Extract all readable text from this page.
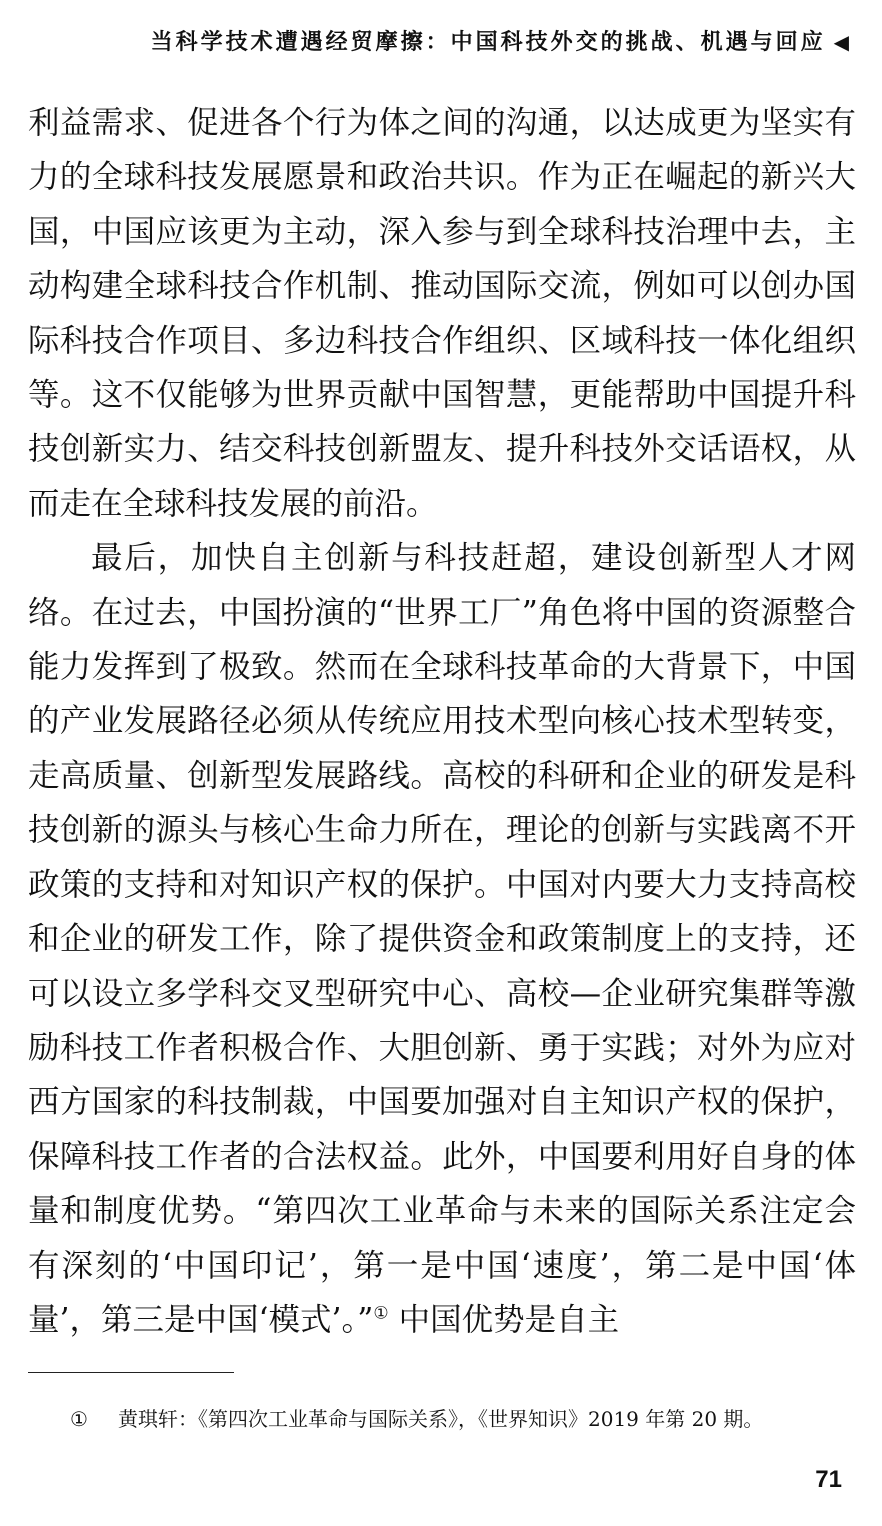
当科学技术遭遇经贸摩擦：中国科技外交的挑战、机遇与回应 ◀

利益需求、促进各个行为体之间的沟通，以达成更为坚实有力的全球科技发展愿景和政治共识。作为正在崛起的新兴大国，中国应该更为主动，深入参与到全球科技治理中去，主动构建全球科技合作机制、推动国际交流，例如可以创办国际科技合作项目、多边科技合作组织、区域科技一体化组织等。这不仅能够为世界贡献中国智慧，更能帮助中国提升科技创新实力、结交科技创新盟友、提升科技外交话语权，从而走在全球科技发展的前沿。

最后，加快自主创新与科技赶超，建设创新型人才网络。在过去，中国扮演的“世界工厂”角色将中国的资源整合能力发挥到了极致。然而在全球科技革命的大背景下，中国的产业发展路径必须从传统应用技术型向核心技术型转变，走高质量、创新型发展路线。高校的科研和企业的研发是科技创新的源头与核心生命力所在，理论的创新与实践离不开政策的支持和对知识产权的保护。中国对内要大力支持高校和企业的研发工作，除了提供资金和政策制度上的支持，还可以设立多学科交叉型研究中心、高校—企业研究集群等激励科技工作者积极合作、大胆创新、勇于实践；对外为应对西方国家的科技制裁，中国要加强对自主知识产权的保护，保障科技工作者的合法权益。此外，中国要利用好自身的体量和制度优势。“第四次工业革命与未来的国际关系注定会有深刻的‘中国印记’，第一是中国‘速度’，第二是中国‘体量’，第三是中国‘模式’。”① 中国优势是自主

① 黄琪轩：《第四次工业革命与国际关系》，《世界知识》2019 年第 20 期。
71
